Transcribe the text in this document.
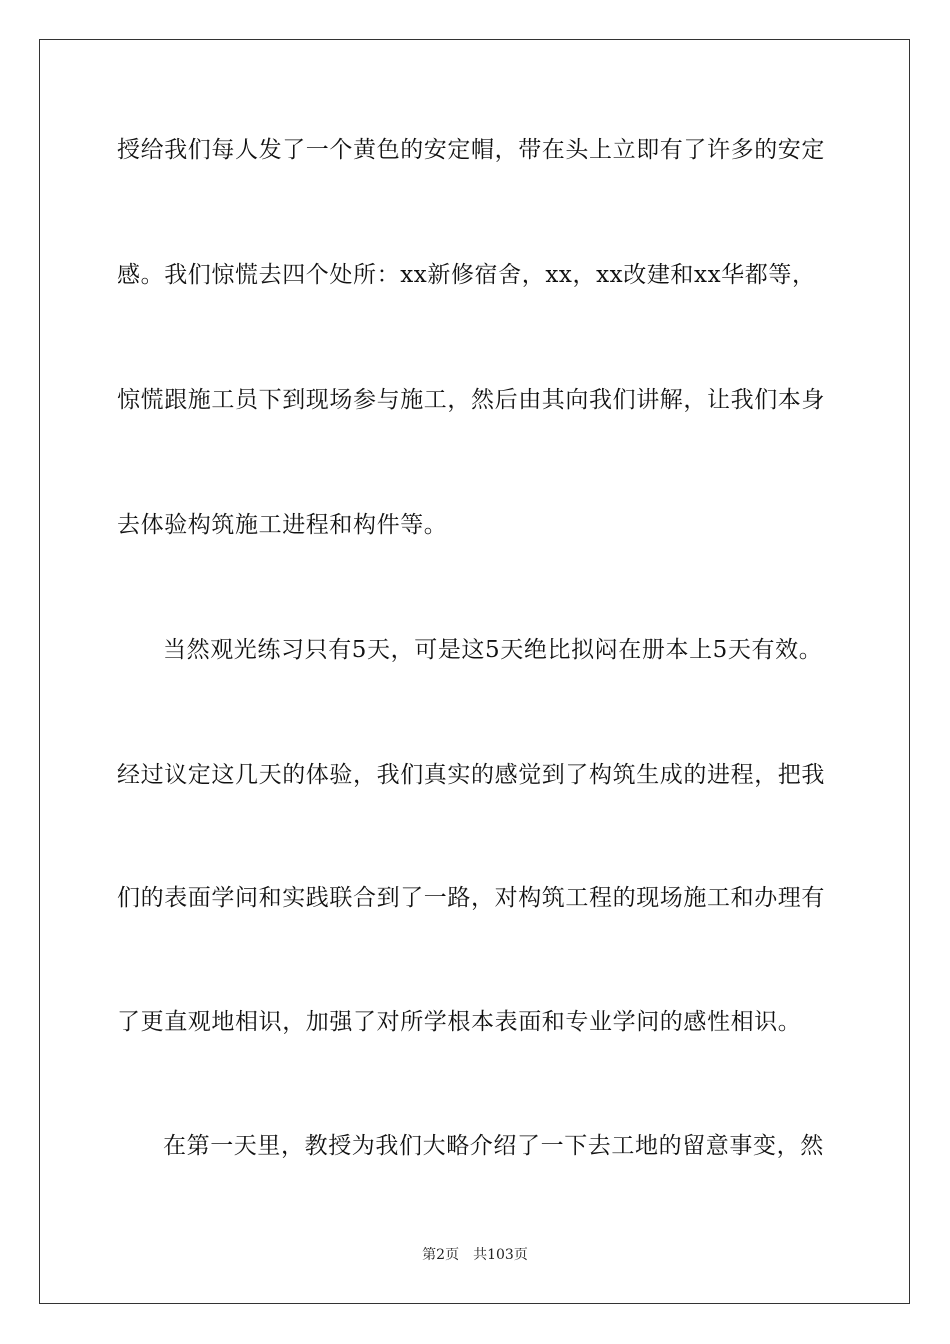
授给我们每人发了一个黄色的安定帽，带在头上立即有了许多的安定
感。我们惊慌去四个处所：xx新修宿舍，xx，xx改建和xx华都等，
惊慌跟施工员下到现场参与施工，然后由其向我们讲解，让我们本身
去体验构筑施工进程和构件等。
当然观光练习只有5天，可是这5天绝比拟闷在册本上5天有效。
经过议定这几天的体验，我们真实的感觉到了构筑生成的进程，把我
们的表面学问和实践联合到了一路，对构筑工程的现场施工和办理有
了更直观地相识，加强了对所学根本表面和专业学问的感性相识。
在第一天里，教授为我们大略介绍了一下去工地的留意事变，然
第2页 共103页
